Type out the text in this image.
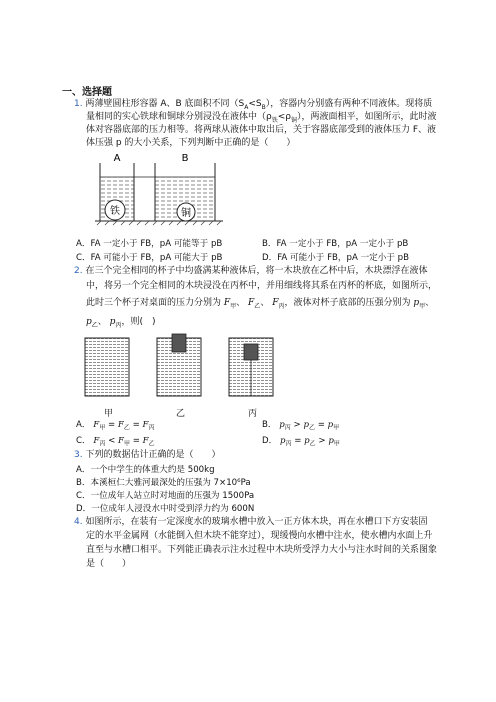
一、选择题
1. 两薄壁圆柱形容器 A、B 底面积不同$(S_A<S_B)$，容器内分别盛有两种不同液体。现将质
量相同的实心铁球和铜球分别浸没在液体中$(\rho_铁<\rho_铜)$，两液面相平，如图所示，此时液
体对容器底部的压力相等。将两球从液体中取出后，关于容器底部受到的液体压力 F、液
体压强 p 的大小关系，下列判断中正确的是（　　）
铁	铜
A	B
A．FA 一定小于 FB，pA 可能等于 pB	B．FA 一定小于 FB，pA 一定小于 pB
C．FA 可能小于 FB，pA 可能大于 pB	D．FA 可能小于 FB，pA 一定小于 pB
2. 在三个完全相同的杯子中均盛满某种液体后，将一木块放在乙杯中后，木块漂浮在液体
中，将另一个完全相同的木块浸没在丙杯中，并用细线将其系在丙杯的杯底，如图所示，
此时三个杯子对桌面的压力分别为 $F_甲$、 $F_乙$、 $F_丙$，液体对杯子底部的压强分别为 $p_甲$、
$p_乙$、 $p_丙$，则(　)
甲	乙	丙
A． $F_甲 = F_乙 = F_丙$	B． $p_丙 > p_乙 = p_甲$
C． $F_丙 < F_甲 = F_乙$	D． $p_丙 = p_乙 > p_甲$
3. 下列的数据估计正确的是（　　）
A．一个中学生的体重大约是 500kg
B．本溪桓仁大雅河最深处的压强为 7×10⁶Pa
C．一位成年人站立时对地面的压强为 1500Pa
D．一位成年人浸没水中时受到浮力约为 600N
4. 如图所示，在装有一定深度水的玻璃水槽中放入一正方体木块，再在水槽口下方安装固
定的水平金属网（水能倒入但木块不能穿过），现缓慢向水槽中注水，使水槽内水面上升
直至与水槽口相平。下列能正确表示注水过程中木块所受浮力大小与注水时间的关系图象
是（　　）
